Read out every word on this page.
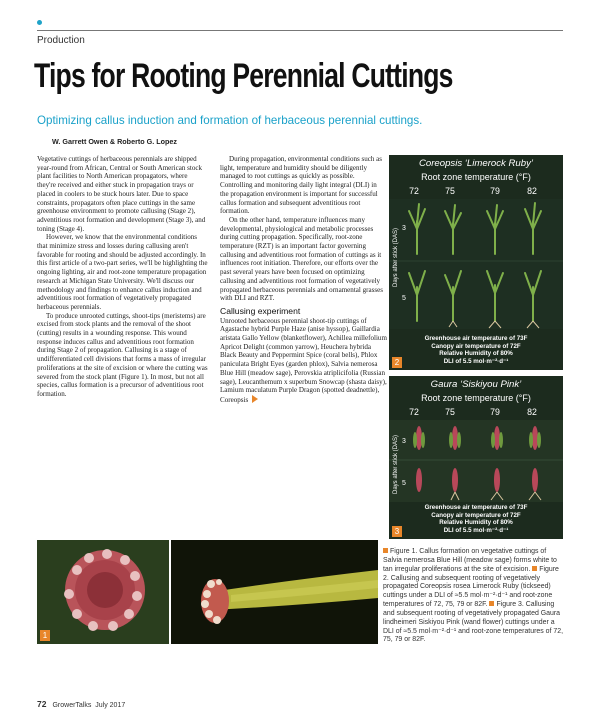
Production
Tips for Rooting Perennial Cuttings
Optimizing callus induction and formation of herbaceous perennial cuttings.
W. Garrett Owen & Roberto G. Lopez

Vegetative cuttings of herbaceous perennials are shipped year-round from African, Central or South American stock plant facilities to North American propagators, where they're received and either stuck in propagation trays or placed in coolers to be stuck hours later. Due to space constraints, propagators often place cuttings in the same greenhouse environment to promote callusing (Stage 2), adventitious root formation and development (Stage 3), and toning (Stage 4).

However, we know that the environmental conditions that minimize stress and losses during callusing aren't favorable for rooting and should be adjusted accordingly. In this first article of a two-part series, we'll be highlighting the ongoing lighting, air and root-zone temperature propagation research at Michigan State University. We'll discuss our methodology and findings to enhance callus induction and adventitious root formation of vegetatively propagated herbaceous perennials.

To produce unrooted cuttings, shoot-tips (meristems) are excised from stock plants and the removal of the shoot (cutting) results in a wounding response. This wound response induces callus and adventitious root formation during Stage 2 of propagation. Callusing is a stage of undifferentiated cell divisions that forms a mass of irregular proliferations at the site of excision or where the cutting was severed from the stock plant (Figure 1). In most, but not all species, callus formation is a precursor of adventitious root formation.

During propagation, environmental conditions such as light, temperature and humidity should be diligently managed to root cuttings as quickly as possible. Controlling and monitoring daily light integral (DLI) in the propagation environment is important for successful callus formation and subsequent adventitious root formation.

On the other hand, temperature influences many developmental, physiological and metabolic processes during cutting propagation. Specifically, root-zone temperature (RZT) is an important factor governing callusing and adventitious root formation of cuttings as it influences root initiation. Therefore, our efforts over the past several years have been focused on optimizing callusing and adventitious root formation of vegetatively propagated herbaceous perennials and ornamental grasses with DLI and RZT.

Callusing experiment

Unrooted herbaceous perennial shoot-tip cuttings of Agastache hybrid Purple Haze (anise hyssop), Gaillardia aristata Gallo Yellow (blanketflower), Achillea millefolium Apricot Delight (common yarrow), Heuchera hybrida Black Beauty and Peppermint Spice (coral bells), Phlox paniculata Bright Eyes (garden phlox), Salvia nemerosa Blue Hill (meadow sage), Perovskia atriplicifolia (Russian sage), Leucanthemum x superbum Snowcap (shasta daisy), Lamium maculatum Purple Dragon (spotted deadnettle), Coreopsis

Coreopsis ‘Limerock Ruby’
Root zone temperature (°F)
72	75	79	82
Days after stick (DAS) 3
5
Greenhouse air temperature of 73F
Canopy air temperature of 72F
Relative Humidity of 80%
DLI of 5.5 mol·m⁻²·d⁻¹
2
Gaura ‘Siskiyou Pink’
Root zone temperature (°F)
72	75	79	82
Days after stick (DAS) 3
5
Greenhouse air temperature of 73F
Canopy air temperature of 72F
Relative Humidity of 80%
DLI of 5.5 mol·m⁻²·d⁻¹
3
1
Figure 1. Callus formation on vegetative cuttings of Salvia nemerosa Blue Hill (meadow sage) forms white to tan irregular proliferations at the site of excision. Figure 2. Callusing and subsequent rooting of vegetatively propagated Coreopsis rosea Limerock Ruby (tickseed) cuttings under a DLI of ≈5.5 mol·m⁻²·d⁻¹ and root-zone temperatures of 72, 75, 79 or 82F. Figure 3. Callusing and subsequent rooting of vegetatively propagated Gaura lindheimeri Siskiyou Pink (wand flower) cuttings under a DLI of ≈5.5 mol·m⁻²·d⁻¹ and root-zone temperatures of 72, 75, 79 or 82F.
72 GrowerTalks July 2017
